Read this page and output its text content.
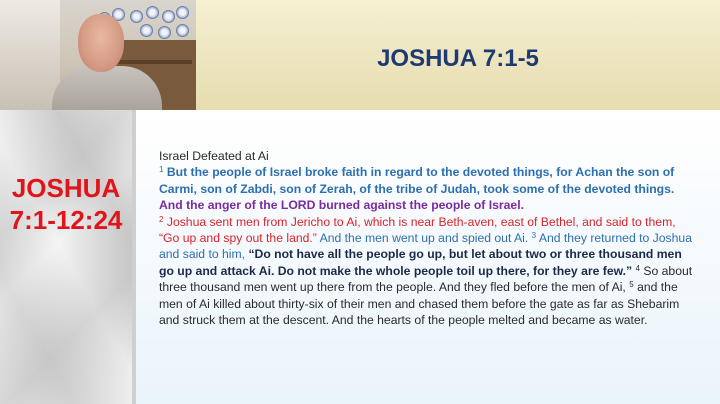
JOSHUA 7:1-5
JOSHUA
7:1-12:24
Israel Defeated at Ai
$^1$ But the people of Israel broke faith in regard to the devoted things, for Achan the son of Carmi, son of Zabdi, son of Zerah, of the tribe of Judah, took some of the devoted things. And the anger of the LORD burned against the people of Israel.
$^2$ Joshua sent men from Jericho to Ai, which is near Beth-aven, east of Bethel, and said to them, “Go up and spy out the land.” And the men went up and spied out Ai. $^3$ And they returned to Joshua and said to him, “Do not have all the people go up, but let about two or three thousand men go up and attack Ai. Do not make the whole people toil up there, for they are few.” $^4$ So about three thousand men went up there from the people. And they fled before the men of Ai, $^5$ and the men of Ai killed about thirty-six of their men and chased them before the gate as far as Shebarim and struck them at the descent. And the hearts of the people melted and became as water.
